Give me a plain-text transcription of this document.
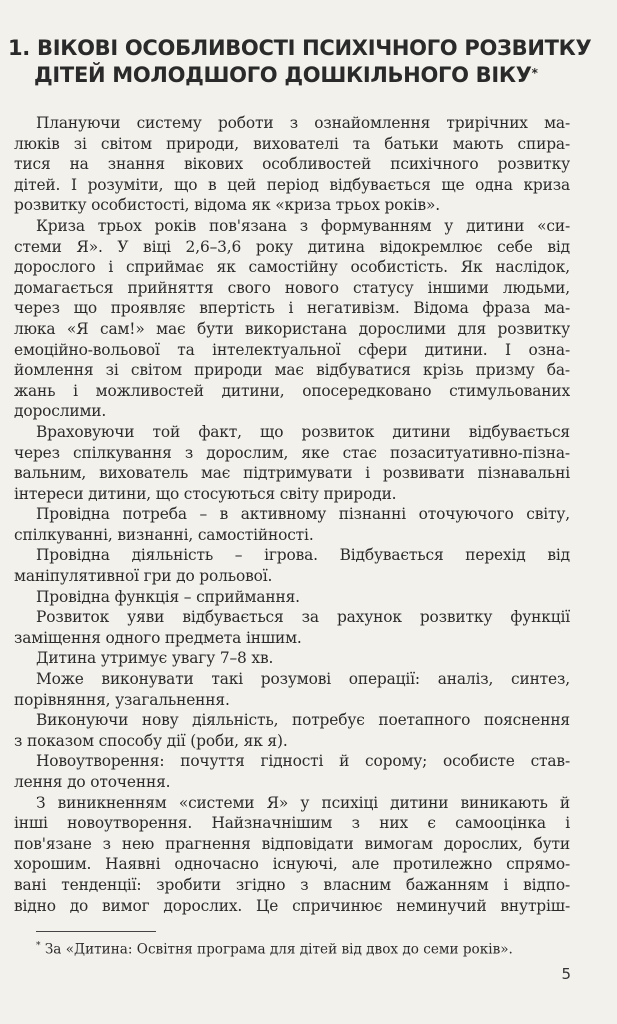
1. ВІКОВІ ОСОБЛИВОСТІ ПСИХІЧНОГО РОЗВИТКУ
ДІТЕЙ МОЛОДШОГО ДОШКІЛЬНОГО ВІКУ*
Плануючи систему роботи з ознайомлення трирічних ма-
люків зі світом природи, вихователі та батьки мають спира-
тися на знання вікових особливостей психічного розвитку
дітей. І розуміти, що в цей період відбувається ще одна криза
розвитку особистості, відома як «криза трьох років».
Криза трьох років пов'язана з формуванням у дитини «си-
стеми Я». У віці 2,6–3,6 року дитина відокремлює себе від
дорослого і сприймає як самостійну особистість. Як наслідок,
домагається прийняття свого нового статусу іншими людьми,
через що проявляє впертість і негативізм. Відома фраза ма-
люка «Я сам!» має бути використана дорослими для розвитку
емоційно-вольової та інтелектуальної сфери дитини. І озна-
йомлення зі світом природи має відбуватися крізь призму ба-
жань і можливостей дитини, опосередковано стимульованих
дорослими.
Враховуючи той факт, що розвиток дитини відбувається
через спілкування з дорослим, яке стає позаситуативно-пізна-
вальним, вихователь має підтримувати і розвивати пізнавальні
інтереси дитини, що стосуються світу природи.
Провідна потреба – в активному пізнанні оточуючого світу,
спілкуванні, визнанні, самостійності.
Провідна діяльність – ігрова. Відбувається перехід від
маніпулятивної гри до рольової.
Провідна функція – сприймання.
Розвиток уяви відбувається за рахунок розвитку функції
заміщення одного предмета іншим.
Дитина утримує увагу 7–8 хв.
Може виконувати такі розумові операції: аналіз, синтез,
порівняння, узагальнення.
Виконуючи нову діяльність, потребує поетапного пояснення
з показом способу дії (роби, як я).
Новоутворення: почуття гідності й сорому; особисте став-
лення до оточення.
З виникненням «системи Я» у психіці дитини виникають й
інші новоутворення. Найзначнішим з них є самооцінка і
пов'язане з нею прагнення відповідати вимогам дорослих, бути
хорошим. Наявні одночасно існуючі, але протилежно спрямо-
вані тенденції: зробити згідно з власним бажанням і відпо-
відно до вимог дорослих. Це спричинює неминучий внутріш-
* За «Дитина: Освітня програма для дітей від двох до семи років».
5
